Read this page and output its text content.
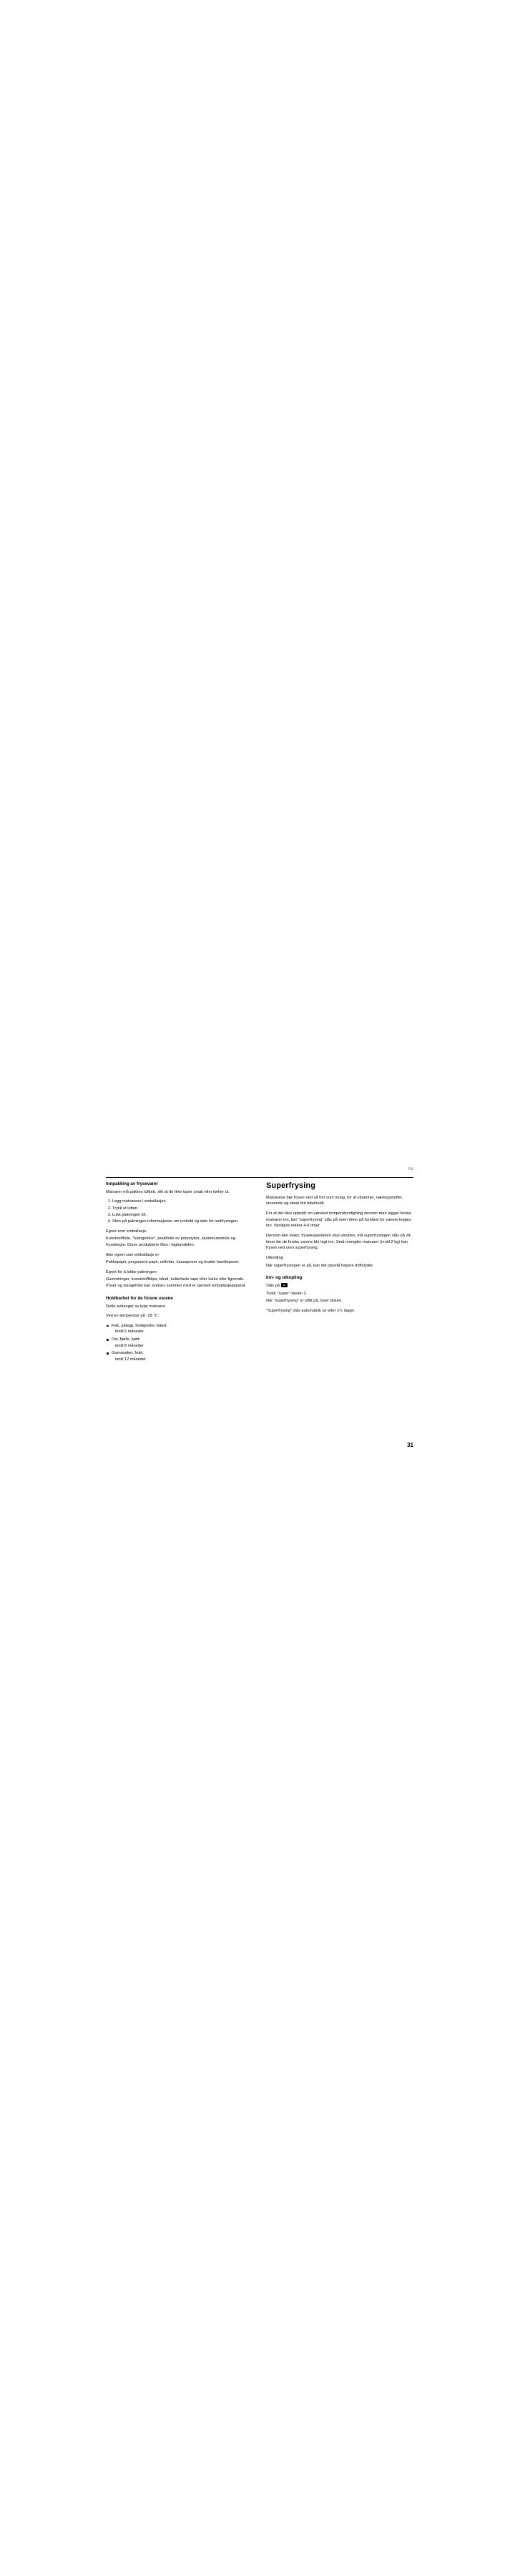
no
Innpakking av frysevarer

Matvarer må pakkes lufttett, slik at de ikke taper smak eller tørker ut.

1. Legg matvarene i emballasjen.
2. Trykk ut luften.
3. Lukk pakningen tilt.
4. Skriv på pakningen informasjonen om innhold og dato for nedfrysingen.

Egnet som emballasje:

Kunststoffolie, *slangefolie*, praktfolie av polyetylen, aluminiumsfolie og frysebegre. Disse produktene fåes i faghandelen.

Ikke egnet som emballasje er:

Pakkepapir, pergament papir, cellofan, kassaposer og brukte handleposer.

Egnet for å lukke pakningen:

Gummiringer, kunststoffklips, bånd, kuldefaste tape eller lukke eller lignende. Poser og slangefolie kan sveises sammen med et spesielt emballasjeapparat.

Holdbarhet for de frosne varene

Dette avhenger av type matvarer.

Ved en temperatur på -18 °C:

Fisk, pålegg, ferdigretter, bakst:
inntil 6 måneder
Ost, fjørfe, kjøtt:
inntil 8 måneder
Grønnsaker, frukt:
inntil 12 måneder
Superfrysing

Matvarene bør fryses ned så fort som mulig, for at vitaminer, næringsstoffer, utseende og smak blir bibeholdt.

For at det ikke oppstår en uønsket temperaturstigning dersom man legger ferske matvarer inn, bør "superfrysing" slås på noen timer på forhånd for varene legges inn. Vanligvis rekker 4-6 timer.

Dersom den maks. frysekapasiteten skal utnyttes, må superfrysingen slås på 24 timer før de ferske varene blir lagt inn. Små mengder matvarer (inntil 2 kg) kan fryses ned uten superfrysing.

Utkobling

Når superfrysingen er på, kan det oppstå høyere driftslyder.

Inn- og utkopling

Slås på 2

Trykk "super"-tasten 2.

Når "superfrysing" er slått på, lyser tasten.

"Superfrysing" slås automatisk av etter 2½ dager.

31
